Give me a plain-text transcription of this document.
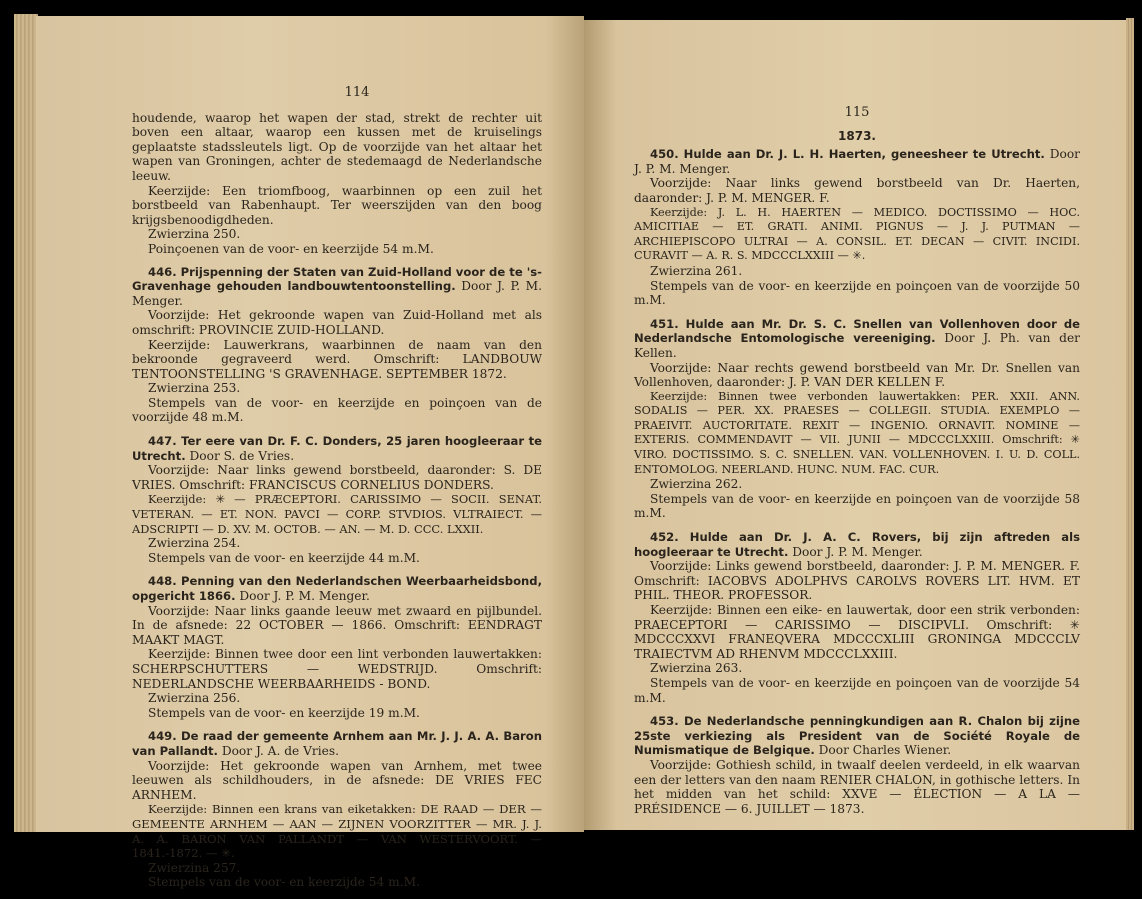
114
houdende, waarop het wapen der stad, strekt de rechter uit boven een altaar, waarop een kussen met de kruiselings geplaatste stadssleutels ligt. Op de voorzijde van het altaar het wapen van Groningen, achter de stedemaagd de Nederlandsche leeuw.
Keerzijde: Een triomfboog, waarbinnen op een zuil het borstbeeld van Rabenhaupt. Ter weerszijden van den boog krijgsbenoodigdheden.
Zwierzina 250.
Poinçoenen van de voor- en keerzijde 54 m.M.
446. Prijspenning der Staten van Zuid-Holland voor de te 's-Gravenhage gehouden landbouwtentoonstelling. Door J. P. M. Menger.
Voorzijde: Het gekroonde wapen van Zuid-Holland met als omschrift: PROVINCIE ZUID-HOLLAND.
Keerzijde: Lauwerkrans, waarbinnen de naam van den bekroonde gegraveerd werd. Omschrift: LANDBOUW TENTOONSTELLING 'S GRAVENHAGE. SEPTEMBER 1872.
Zwierzina 253.
Stempels van de voor- en keerzijde en poinçoen van de voorzijde 48 m.M.
447. Ter eere van Dr. F. C. Donders, 25 jaren hoogleeraar te Utrecht. Door S. de Vries.
Voorzijde: Naar links gewend borstbeeld, daaronder: S. DE VRIES. Omschrift: FRANCISCUS CORNELIUS DONDERS.
Keerzijde: ✳ — PRÆCEPTORI. CARISSIMO — SOCII. SENAT. VETERAN. — ET. NON. PAVCI — CORP. STVDIOS. VLTRAIECT. — ADSCRIPTI — D. XV. M. OCTOB. — AN. — M. D. CCC. LXXII.
Zwierzina 254.
Stempels van de voor- en keerzijde 44 m.M.
448. Penning van den Nederlandschen Weerbaarheidsbond, opgericht 1866. Door J. P. M. Menger.
Voorzijde: Naar links gaande leeuw met zwaard en pijlbundel. In de afsnede: 22 OCTOBER — 1866. Omschrift: EENDRAGT MAAKT MAGT.
Keerzijde: Binnen twee door een lint verbonden lauwertakken: SCHERPSCHUTTERS — WEDSTRIJD. Omschrift: NEDERLANDSCHE WEERBAARHEIDS - BOND.
Zwierzina 256.
Stempels van de voor- en keerzijde 19 m.M.
449. De raad der gemeente Arnhem aan Mr. J. J. A. A. Baron van Pallandt. Door J. A. de Vries.
Voorzijde: Het gekroonde wapen van Arnhem, met twee leeuwen als schildhouders, in de afsnede: DE VRIES FEC ARNHEM.
Keerzijde: Binnen een krans van eiketakken: DE RAAD — DER — GEMEENTE ARNHEM — AAN — ZIJNEN VOORZITTER — MR. J. J. A. A. BARON VAN PALLANDT — VAN WESTERVOORT. — 1841.-1872. — ✳.
Zwierzina 257.
Stempels van de voor- en keerzijde 54 m.M.
115
1873.
450. Hulde aan Dr. J. L. H. Haerten, geneesheer te Utrecht. Door J. P. M. Menger.
Voorzijde: Naar links gewend borstbeeld van Dr. Haerten, daaronder: J. P. M. MENGER. F.
Keerzijde: J. L. H. HAERTEN — MEDICO. DOCTISSIMO — HOC. AMICITIAE — ET. GRATI. ANIMI. PIGNUS — J. J. PUTMAN — ARCHIEPISCOPO ULTRAI — A. CONSIL. ET. DECAN — CIVIT. INCIDI. CURAVIT — A. R. S. MDCCCLXXIII — ✳.
Zwierzina 261.
Stempels van de voor- en keerzijde en poinçoen van de voorzijde 50 m.M.
451. Hulde aan Mr. Dr. S. C. Snellen van Vollenhoven door de Nederlandsche Entomologische vereeniging. Door J. Ph. van der Kellen.
Voorzijde: Naar rechts gewend borstbeeld van Mr. Dr. Snellen van Vollenhoven, daaronder: J. P. VAN DER KELLEN F.
Keerzijde: Binnen twee verbonden lauwertakken: PER. XXII. ANN. SODALIS — PER. XX. PRAESES — COLLEGII. STUDIA. EXEMPLO — PRAEIVIT. AUCTORITATE. REXIT — INGENIO. ORNAVIT. NOMINE — EXTERIS. COMMENDAVIT — VII. JUNII — MDCCCLXXIII. Omschrift: ✳ VIRO. DOCTISSIMO. S. C. SNELLEN. VAN. VOLLENHOVEN. I. U. D. COLL. ENTOMOLOG. NEERLAND. HUNC. NUM. FAC. CUR.
Zwierzina 262.
Stempels van de voor- en keerzijde en poinçoen van de voorzijde 58 m.M.
452. Hulde aan Dr. J. A. C. Rovers, bij zijn aftreden als hoogleeraar te Utrecht. Door J. P. M. Menger.
Voorzijde: Links gewend borstbeeld, daaronder: J. P. M. MENGER. F. Omschrift: IACOBVS ADOLPHVS CAROLVS ROVERS LIT. HVM. ET PHIL. THEOR. PROFESSOR.
Keerzijde: Binnen een eike- en lauwertak, door een strik verbonden: PRAECEPTORI — CARISSIMO — DISCIPVLI. Omschrift: ✳ MDCCCXXVI FRANEQVERA MDCCCXLIII GRONINGA MDCCCLV TRAIECTVM AD RHENVM MDCCCLXXIII.
Zwierzina 263.
Stempels van de voor- en keerzijde en poinçoen van de voorzijde 54 m.M.
453. De Nederlandsche penningkundigen aan R. Chalon bij zijne 25ste verkiezing als President van de Société Royale de Numismatique de Belgique. Door Charles Wiener.
Voorzijde: Gothiesh schild, in twaalf deelen verdeeld, in elk waarvan een der letters van den naam RENIER CHALON, in gothische letters. In het midden van het schild: XXVE — ÉLECTION — A LA — PRÉSIDENCE — 6. JUILLET — 1873.
